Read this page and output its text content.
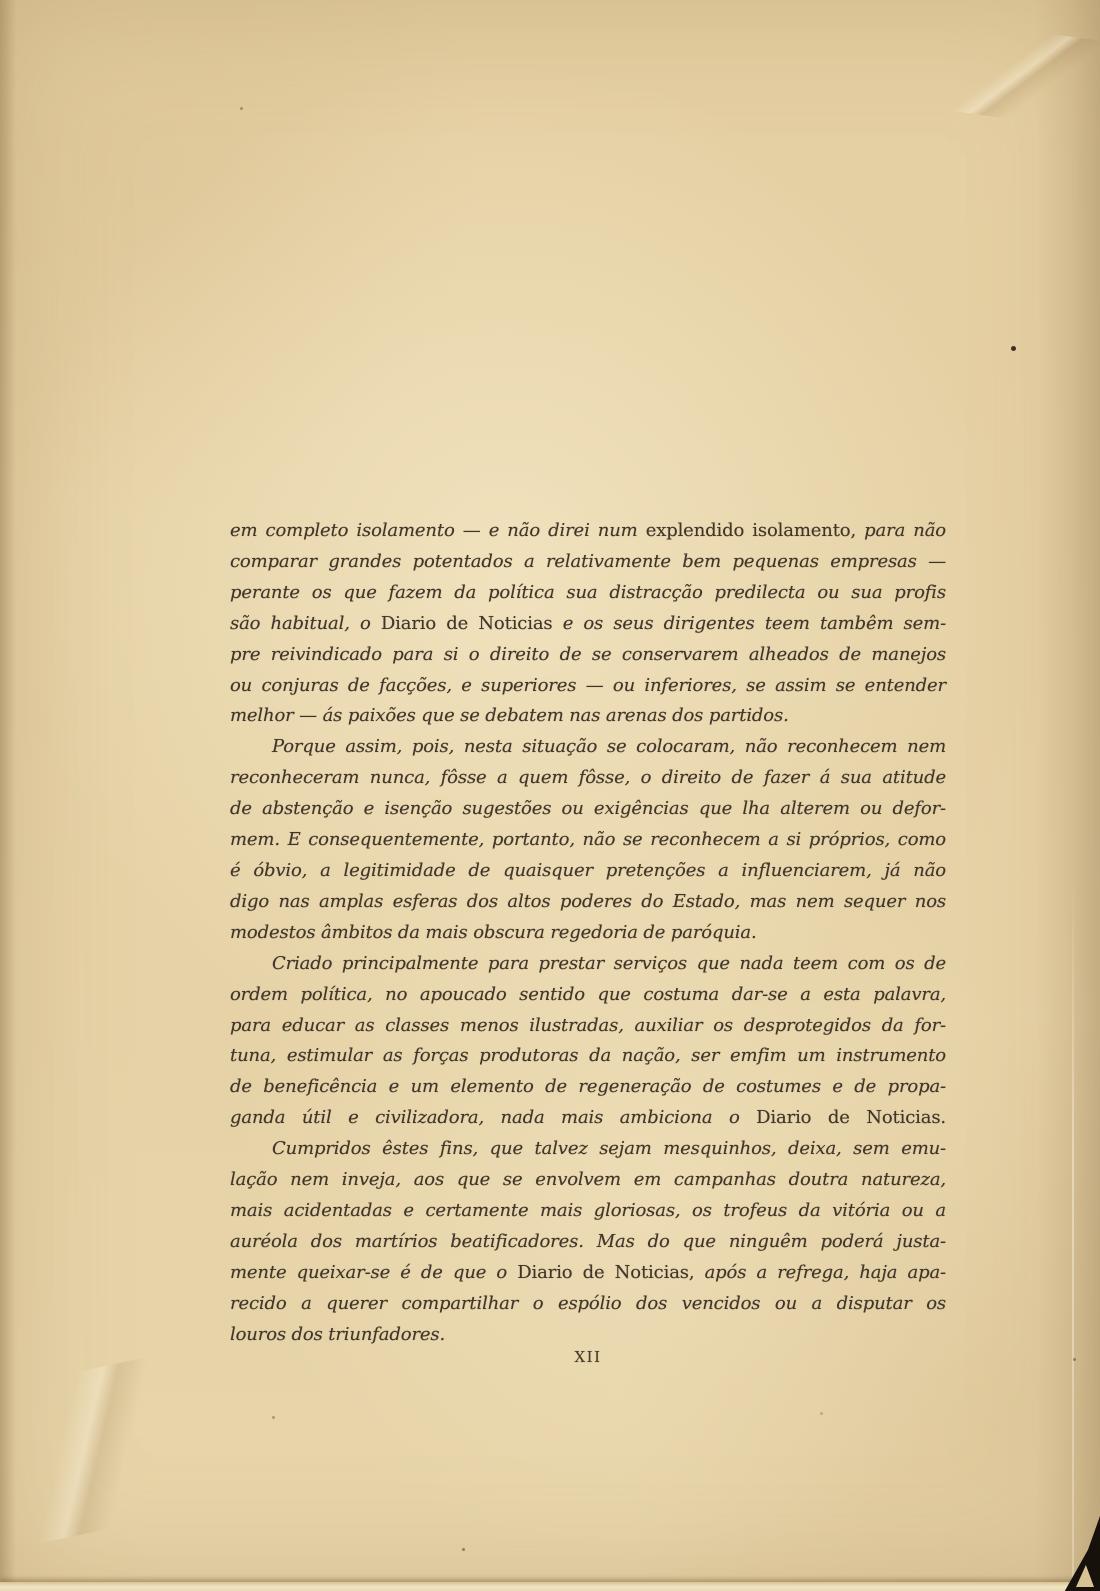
em completo isolamento — e não direi num explendido isolamento, para não
comparar grandes potentados a relativamente bem pequenas empresas —
perante os que fazem da política sua distracção predilecta ou sua profis
são habitual, o Diario de Noticias e os seus dirigentes teem tambêm sem-
pre reivindicado para si o direito de se conservarem alheados de manejos
ou conjuras de facções, e superiores — ou inferiores, se assim se entender
melhor — ás paixões que se debatem nas arenas dos partidos.
Porque assim, pois, nesta situação se colocaram, não reconhecem nem
reconheceram nunca, fôsse a quem fôsse, o direito de fazer á sua atitude
de abstenção e isenção sugestões ou exigências que lha alterem ou defor-
mem. E consequentemente, portanto, não se reconhecem a si próprios, como
é óbvio, a legitimidade de quaisquer pretenções a influenciarem, já não
digo nas amplas esferas dos altos poderes do Estado, mas nem sequer nos
modestos âmbitos da mais obscura regedoria de paróquia.
Criado principalmente para prestar serviços que nada teem com os de
ordem política, no apoucado sentido que costuma dar-se a esta palavra,
para educar as classes menos ilustradas, auxiliar os desprotegidos da for-
tuna, estimular as forças produtoras da nação, ser emfim um instrumento
de beneficência e um elemento de regeneração de costumes e de propa-
ganda útil e civilizadora, nada mais ambiciona o Diario de Noticias.
Cumpridos êstes fins, que talvez sejam mesquinhos, deixa, sem emu-
lação nem inveja, aos que se envolvem em campanhas doutra natureza,
mais acidentadas e certamente mais gloriosas, os trofeus da vitória ou a
auréola dos martírios beatificadores. Mas do que ninguêm poderá justa-
mente queixar-se é de que o Diario de Noticias, após a refrega, haja apa-
recido a querer compartilhar o espólio dos vencidos ou a disputar os
louros dos triunfadores.
XII
